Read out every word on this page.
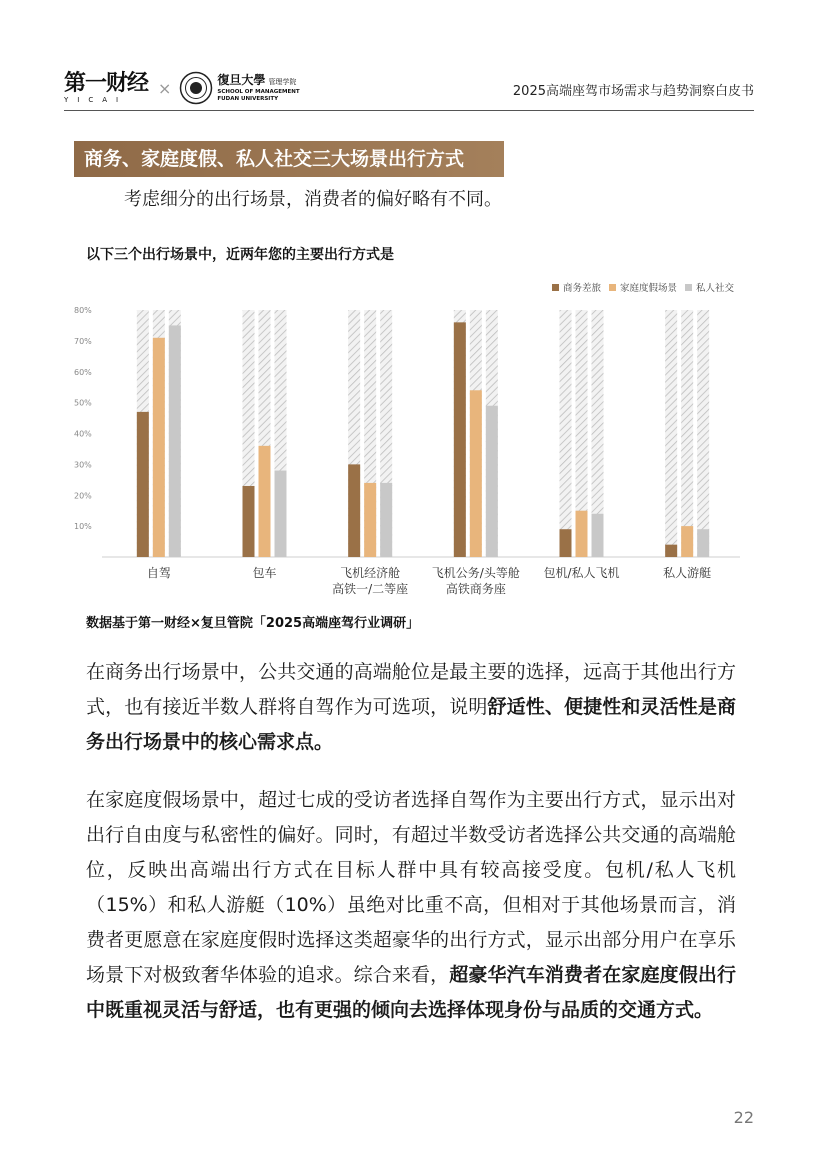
第一财经
YICAI
×	復旦大學 管理学院
SCHOOL OF MANAGEMENT
FUDAN UNIVERSITY	2025高端座驾市场需求与趋势洞察白皮书
商务、家庭度假、私人社交三大场景出行方式
考虑细分的出行场景，消费者的偏好略有不同。
以下三个出行场景中，近两年您的主要出行方式是
商务差旅 家庭度假场景 私人社交
10%
20%
30%
40%
50%
60%
70%
80%
自驾	包车	飞机经济舱
高铁一/二等座
飞机公务/头等舱
高铁商务座
包机/私人飞机	私人游艇
数据基于第一财经×复旦管院「2025高端座驾行业调研」
在商务出行场景中，公共交通的高端舱位是最主要的选择，远高于其他出行方式，也有接近半数人群将自驾作为可选项，说明舒适性、便捷性和灵活性是商务出行场景中的核心需求点。
在家庭度假场景中，超过七成的受访者选择自驾作为主要出行方式，显示出对出行自由度与私密性的偏好。同时，有超过半数受访者选择公共交通的高端舱位，反映出高端出行方式在目标人群中具有较高接受度。包机/私人飞机（15%）和私人游艇（10%）虽绝对比重不高，但相对于其他场景而言，消费者更愿意在家庭度假时选择这类超豪华的出行方式，显示出部分用户在享乐场景下对极致奢华体验的追求。综合来看，超豪华汽车消费者在家庭度假出行中既重视灵活与舒适，也有更强的倾向去选择体现身份与品质的交通方式。
22
